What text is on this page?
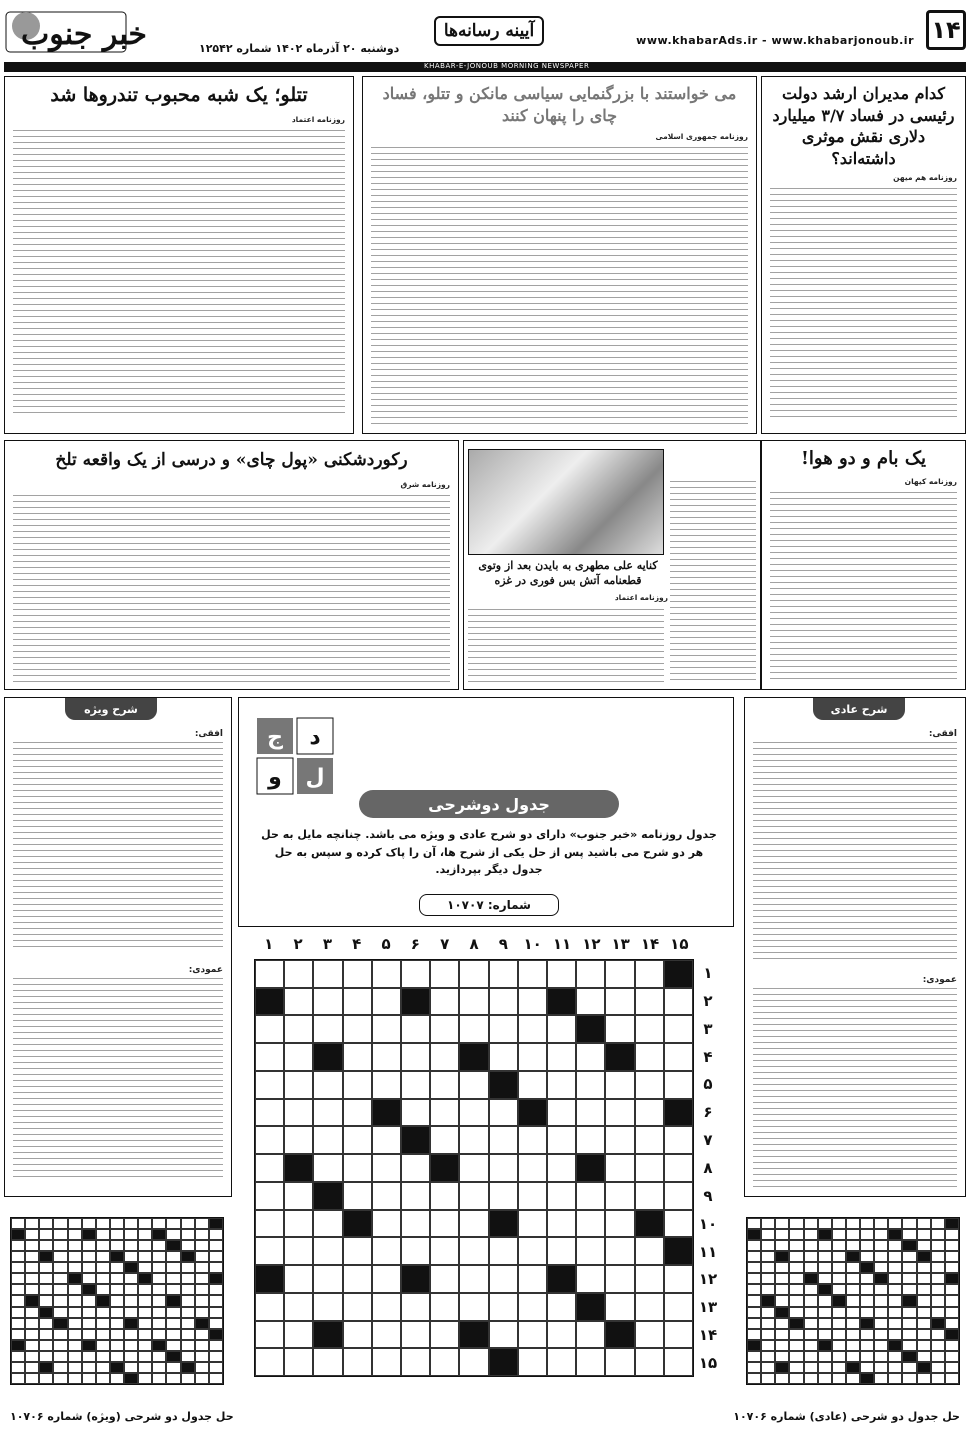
۱۴
www.khabarAds.ir - www.khabarjonoub.ir
آیینه رسانه‌ها
دوشنبه ۲۰ آذرماه ۱۴۰۲ شماره ۱۲۵۴۲
خبر جنوب
KHABAR-E-JONOUB MORNING NEWSPAPER
کدام مدیران ارشد دولت رئیسی در فساد ۳/۷ میلیارد دلاری نقش موثری داشته‌اند؟
روزنامه هم میهن
می خواستند با بزرگنمایی سیاسی مانکن و تتلو، فساد چای را پنهان کنند
روزنامه جمهوری اسلامی
تتلو؛ یک شبه محبوب تندروها شد
روزنامه اعتماد
یک بام و دو هوا!
روزنامه کیهان
رکوردشکنی «پول چای» و درسی از یک واقعه تلخ
روزنامه شرق
کنایه علی مطهری به بایدن بعد از وتوی قطعنامه آتش بس فوری در غزه
روزنامه اعتماد
شرح عادی
افقی:
عمودی:
شرح ویژه
افقی:
عمودی:
ج د
و ل
جدول دوشرحی
جدول روزنامه «خبر جنوب» دارای دو شرح عادی و ویژه می باشد. چنانچه مایل به حل هر دو شرح می باشید پس از حل یکی از شرح ها، آن را پاک کرده و سپس به حل جدول دیگر بپردازید.
شماره: ۱۰۷۰۷
۱۵
۱۴
۱۳
۱۲
۱۱
۱۰
۹
۸
۷
۶
۵
۴
۳
۲
۱
۱
۲
۳
۴
۵
۶
۷
۸
۹
۱۰
۱۱
۱۲
۱۳
۱۴
۱۵
حل جدول دو شرحی (ویژه) شماره ۱۰۷۰۶	حل جدول دو شرحی (عادی) شماره ۱۰۷۰۶
